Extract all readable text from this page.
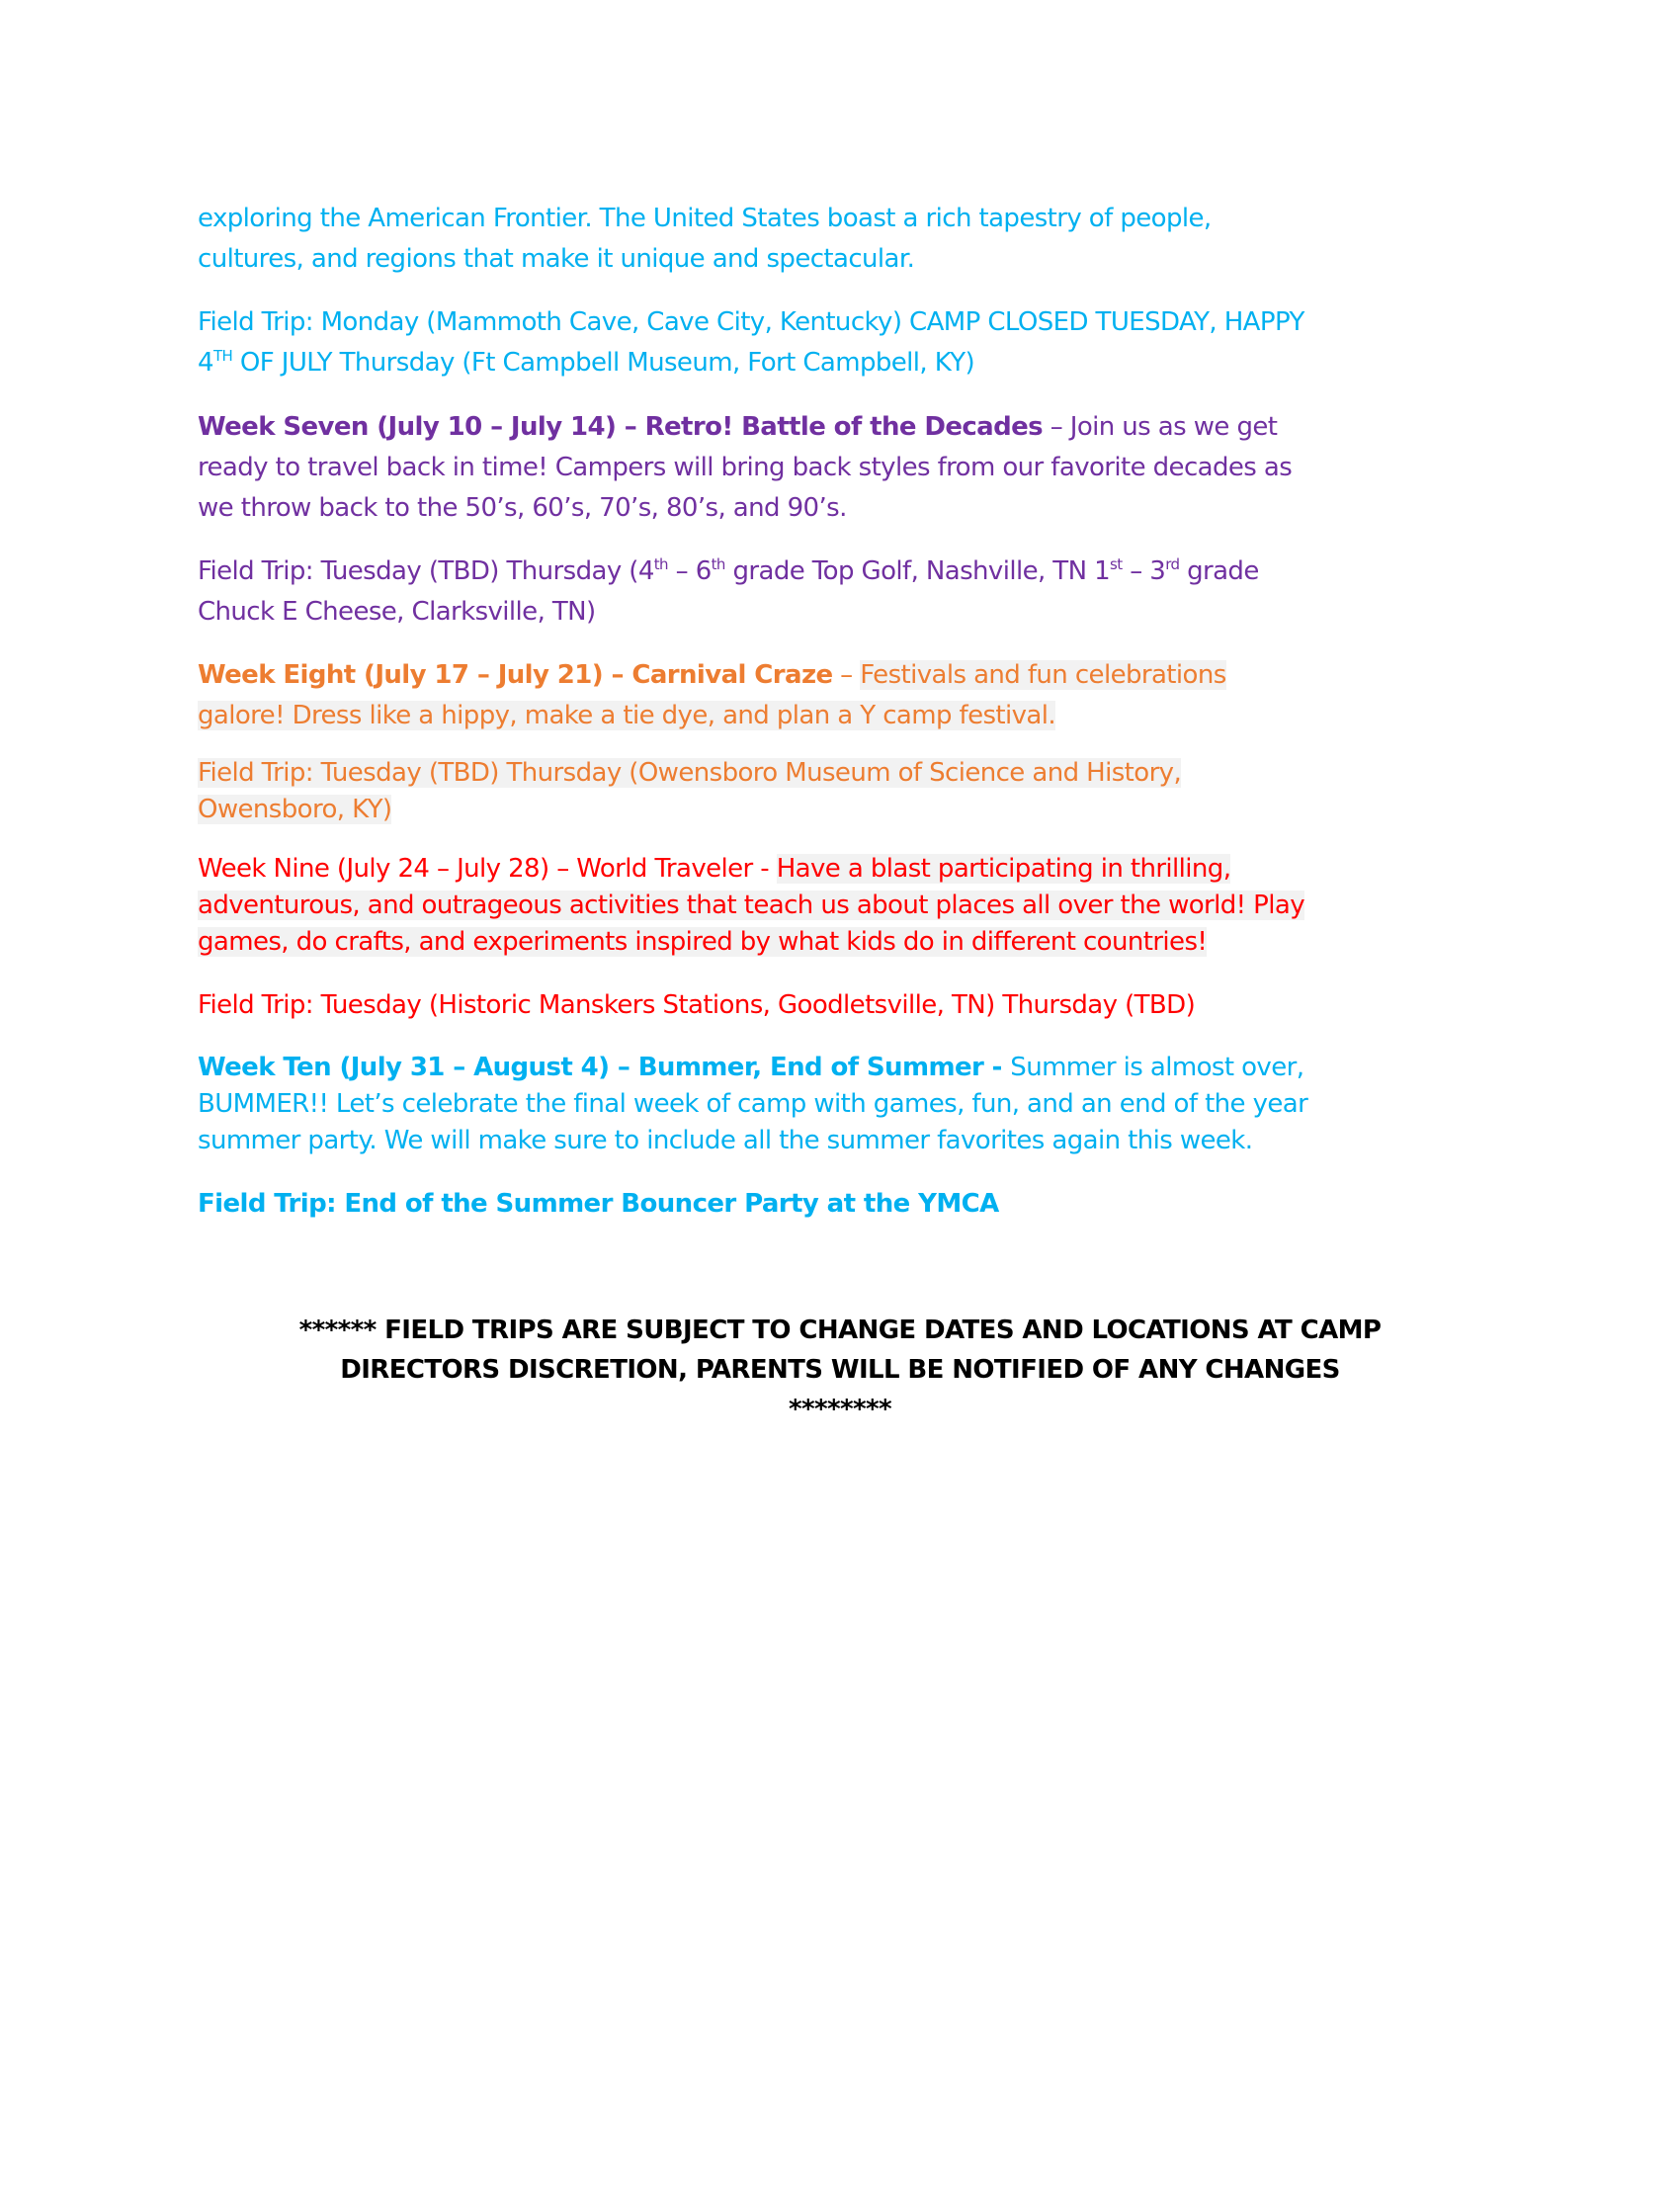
exploring the American Frontier. The United States boast a rich tapestry of people,
cultures, and regions that make it unique and spectacular.
Field Trip: Monday (Mammoth Cave, Cave City, Kentucky) CAMP CLOSED TUESDAY, HAPPY
4TH OF JULY Thursday (Ft Campbell Museum, Fort Campbell, KY)
Week Seven (July 10 – July 14) – Retro! Battle of the Decades – Join us as we get
ready to travel back in time! Campers will bring back styles from our favorite decades as
we throw back to the 50’s, 60’s, 70’s, 80’s, and 90’s.
Field Trip: Tuesday (TBD) Thursday (4th – 6th grade Top Golf, Nashville, TN 1st – 3rd grade
Chuck E Cheese, Clarksville, TN)
Week Eight (July 17 – July 21) – Carnival Craze – Festivals and fun celebrations
galore! Dress like a hippy, make a tie dye, and plan a Y camp festival.
Field Trip: Tuesday (TBD) Thursday (Owensboro Museum of Science and History,
Owensboro, KY)
Week Nine (July 24 – July 28) – World Traveler - Have a blast participating in thrilling,
adventurous, and outrageous activities that teach us about places all over the world! Play
games, do crafts, and experiments inspired by what kids do in different countries!
Field Trip: Tuesday (Historic Manskers Stations, Goodletsville, TN) Thursday (TBD)
Week Ten (July 31 – August 4) – Bummer, End of Summer - Summer is almost over,
BUMMER!! Let’s celebrate the final week of camp with games, fun, and an end of the year
summer party. We will make sure to include all the summer favorites again this week.
Field Trip: End of the Summer Bouncer Party at the YMCA
****** FIELD TRIPS ARE SUBJECT TO CHANGE DATES AND LOCATIONS AT CAMP
DIRECTORS DISCRETION, PARENTS WILL BE NOTIFIED OF ANY CHANGES
********
